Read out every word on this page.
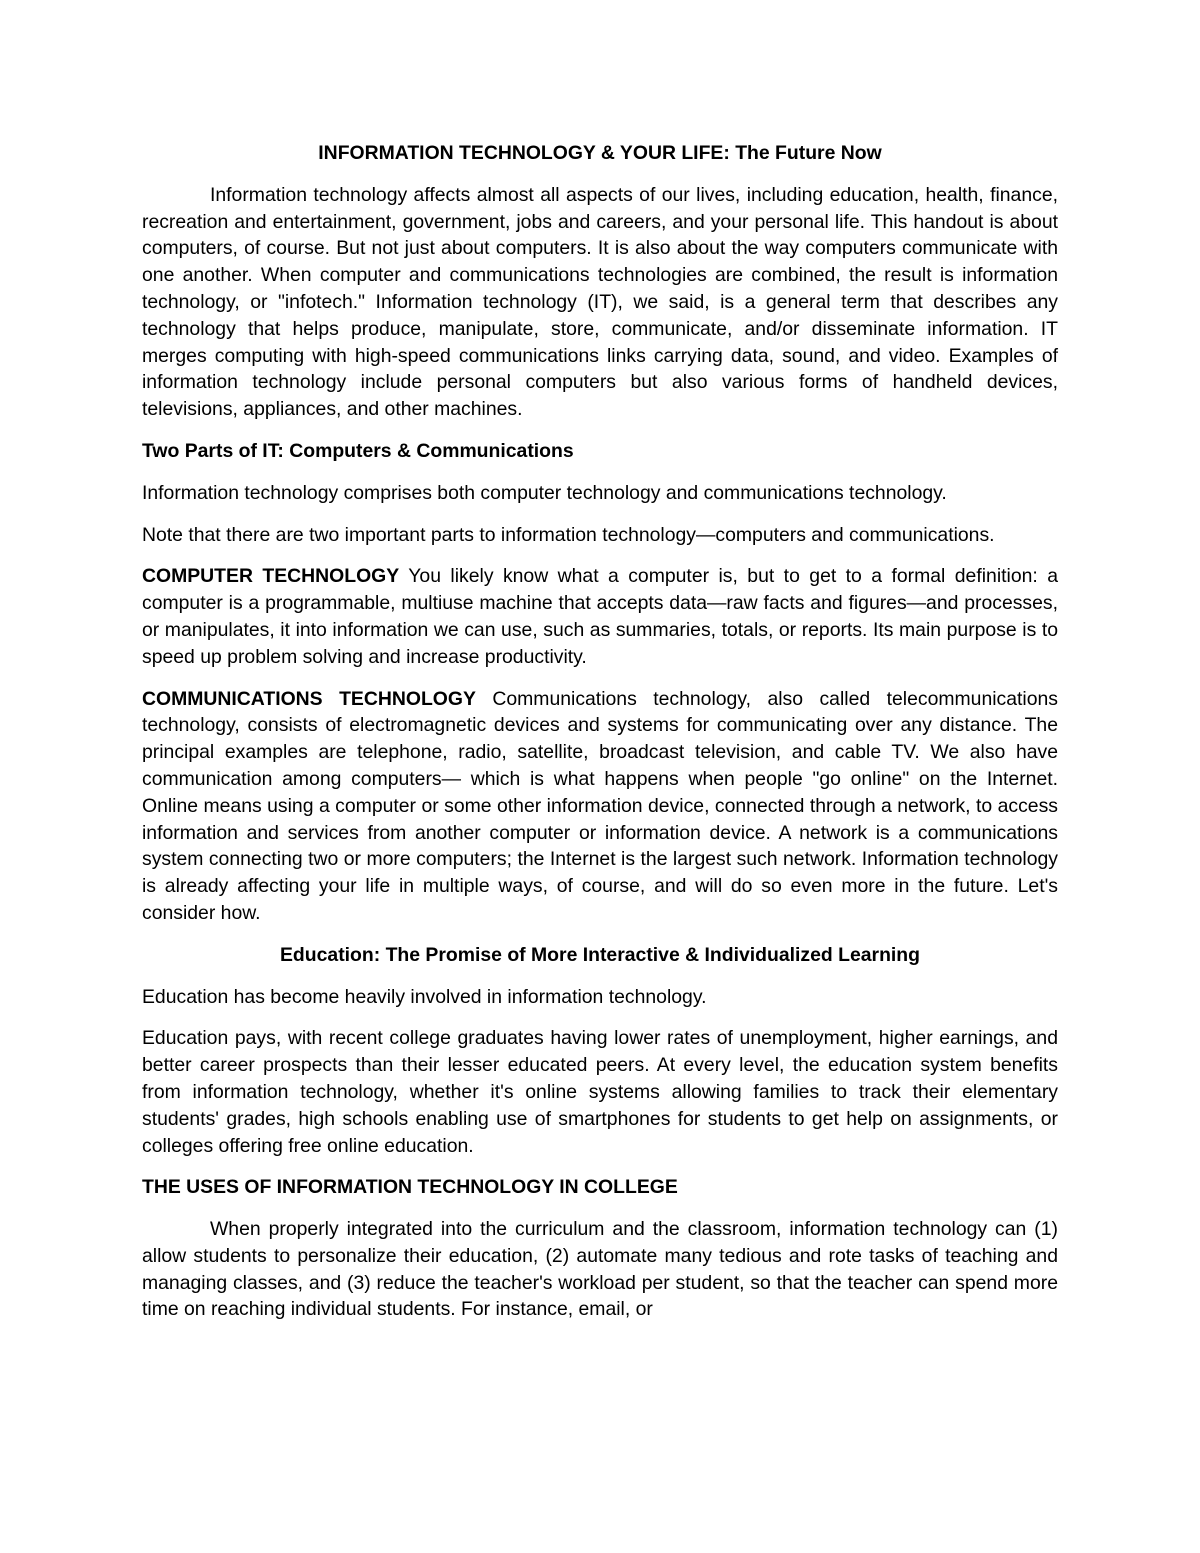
INFORMATION TECHNOLOGY & YOUR LIFE: The Future Now

Information technology affects almost all aspects of our lives, including education, health, finance, recreation and entertainment, government, jobs and careers, and your personal life. This handout is about computers, of course. But not just about computers. It is also about the way computers communicate with one another. When computer and communications technologies are combined, the result is information technology, or "infotech." Information technology (IT), we said, is a general term that describes any technology that helps produce, manipulate, store, communicate, and/or disseminate information. IT merges computing with high-speed communications links carrying data, sound, and video. Examples of information technology include personal computers but also various forms of handheld devices, televisions, appliances, and other machines.

Two Parts of IT: Computers & Communications

Information technology comprises both computer technology and communications technology.

Note that there are two important parts to information technology—computers and communications.

COMPUTER TECHNOLOGY You likely know what a computer is, but to get to a formal definition: a computer is a programmable, multiuse machine that accepts data—raw facts and figures—and processes, or manipulates, it into information we can use, such as summaries, totals, or reports. Its main purpose is to speed up problem solving and increase productivity.

COMMUNICATIONS TECHNOLOGY Communications technology, also called telecommunications technology, consists of electromagnetic devices and systems for communicating over any distance. The principal examples are telephone, radio, satellite, broadcast television, and cable TV. We also have communication among computers— which is what happens when people "go online" on the Internet. Online means using a computer or some other information device, connected through a network, to access information and services from another computer or information device. A network is a communications system connecting two or more computers; the Internet is the largest such network. Information technology is already affecting your life in multiple ways, of course, and will do so even more in the future. Let's consider how.

Education: The Promise of More Interactive & Individualized Learning

Education has become heavily involved in information technology.

Education pays, with recent college graduates having lower rates of unemployment, higher earnings, and better career prospects than their lesser educated peers. At every level, the education system benefits from information technology, whether it's online systems allowing families to track their elementary students' grades, high schools enabling use of smartphones for students to get help on assignments, or colleges offering free online education.

THE USES OF INFORMATION TECHNOLOGY IN COLLEGE

When properly integrated into the curriculum and the classroom, information technology can (1) allow students to personalize their education, (2) automate many tedious and rote tasks of teaching and managing classes, and (3) reduce the teacher's workload per student, so that the teacher can spend more time on reaching individual students. For instance, email, or
